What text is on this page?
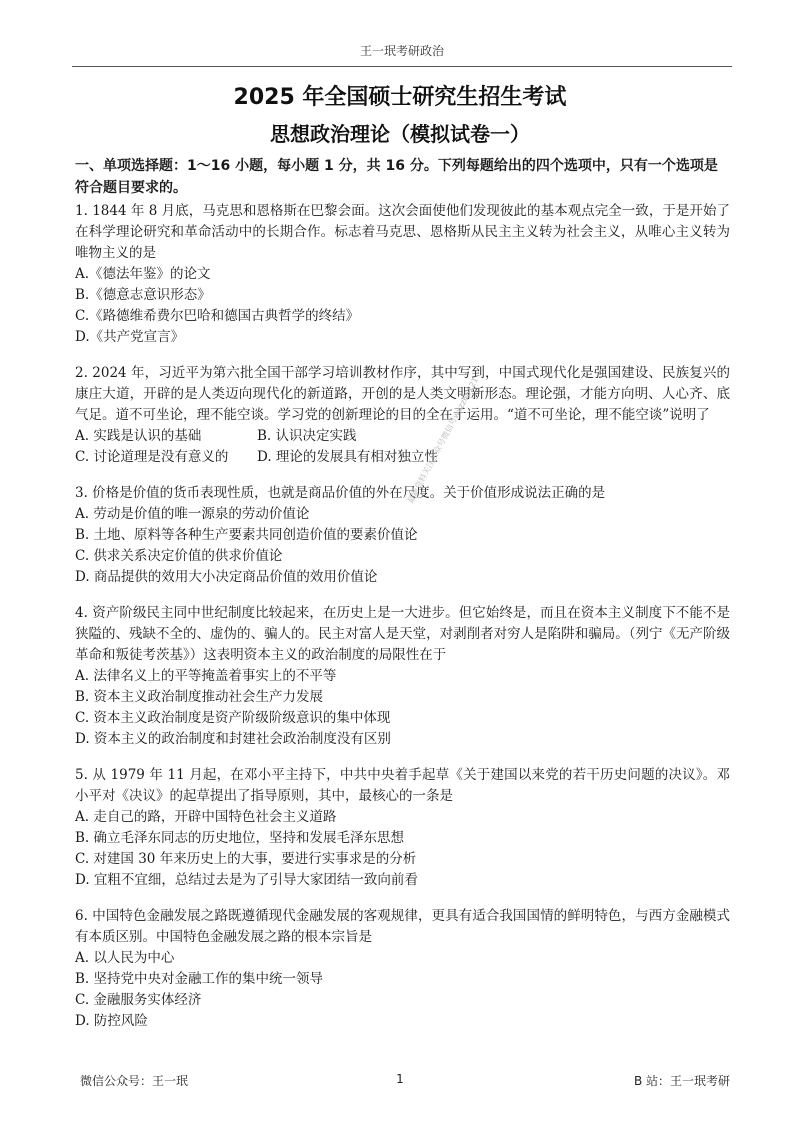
王一珉考研政治
2025 年全国硕士研究生招生考试
思想政治理论（模拟试卷一）
一、单项选择题：1～16 小题，每小题 1 分，共 16 分。下列每题给出的四个选项中，只有一个选项是符合题目要求的。
1. 1844 年 8 月底，马克思和恩格斯在巴黎会面。这次会面使他们发现彼此的基本观点完全一致，于是开始了在科学理论研究和革命活动中的长期合作。标志着马克思、恩格斯从民主主义转为社会主义，从唯心主义转为唯物主义的是
A.《德法年鉴》的论文
B.《德意志意识形态》
C.《路德维希费尔巴哈和德国古典哲学的终结》
D.《共产党宣言》
2. 2024 年，习近平为第六批全国干部学习培训教材作序，其中写到，中国式现代化是强国建设、民族复兴的康庄大道，开辟的是人类迈向现代化的新道路，开创的是人类文明新形态。理论强，才能方向明、人心齐、底气足。道不可坐论，理不能空谈。学习党的创新理论的目的全在于运用。“道不可坐论，理不能空谈”说明了
A. 实践是认识的基础	B. 认识决定实践
C. 讨论道理是没有意义的	D. 理论的发展具有相对独立性
3. 价格是价值的货币表现性质，也就是商品价值的外在尺度。关于价值形成说法正确的是
A. 劳动是价值的唯一源泉的劳动价值论
B. 土地、原料等各种生产要素共同创造价值的要素价值论
C. 供求关系决定价值的供求价值论
D. 商品提供的效用大小决定商品价值的效用价值论
4. 资产阶级民主同中世纪制度比较起来，在历史上是一大进步。但它始终是，而且在资本主义制度下不能不是狭隘的、残缺不全的、虚伪的、骗人的。民主对富人是天堂，对剥削者对穷人是陷阱和骗局。（列宁《无产阶级革命和叛徒考茨基》）这表明资本主义的政治制度的局限性在于
A. 法律名义上的平等掩盖着事实上的不平等
B. 资本主义政治制度推动社会生产力发展
C. 资本主义政治制度是资产阶级阶级意识的集中体现
D. 资本主义的政治制度和封建社会政治制度没有区别
5. 从 1979 年 11 月起，在邓小平主持下，中共中央着手起草《关于建国以来党的若干历史问题的决议》。邓小平对《决议》的起草提出了指导原则，其中，最核心的一条是
A. 走自己的路，开辟中国特色社会主义道路
B. 确立毛泽东同志的历史地位，坚持和发展毛泽东思想
C. 对建国 30 年来历史上的大事，要进行实事求是的分析
D. 宜粗不宜细，总结过去是为了引导大家团结一致向前看
6. 中国特色金融发展之路既遵循现代金融发展的客观规律，更具有适合我国国情的鲜明特色，与西方金融模式有本质区别。中国特色金融发展之路的根本宗旨是
A. 以人民为中心
B. 坚持党中央对金融工作的集中统一领导
C. 金融服务实体经济
D. 防控风险
最新资料关注公众号微信号wxzz66121
微信公众号：王一珉	1	B 站：王一珉考研
